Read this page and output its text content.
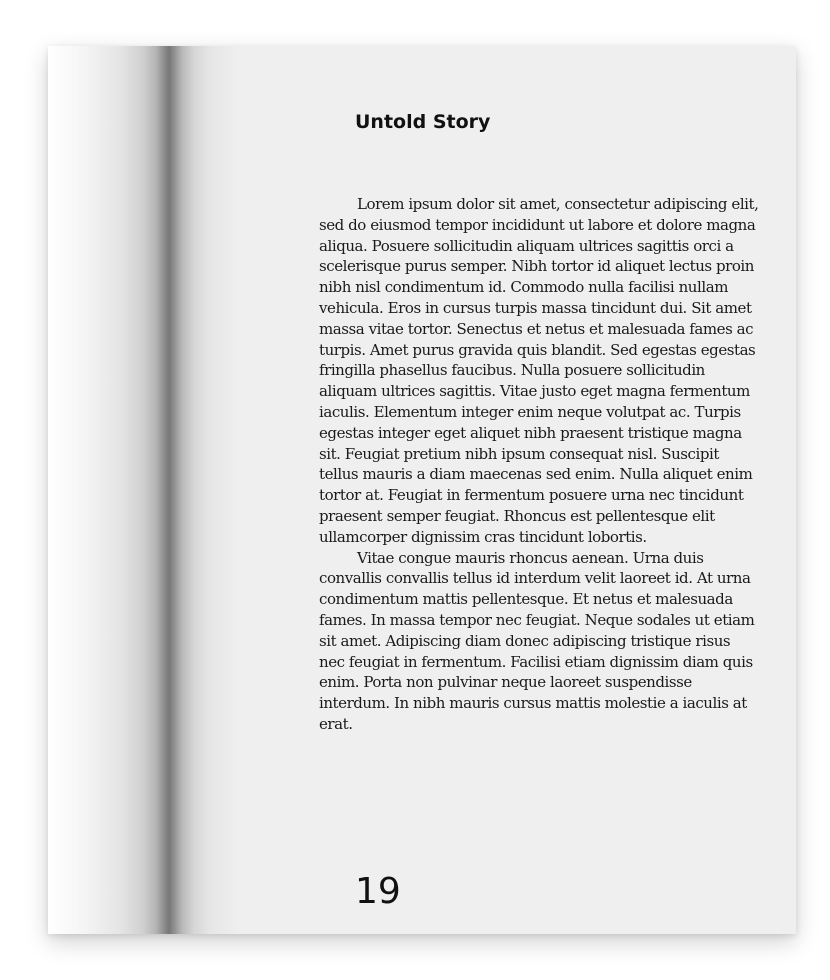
Untold Story

Lorem ipsum dolor sit amet, consectetur adipiscing elit, sed do eiusmod tempor incididunt ut labore et dolore magna aliqua. Posuere sollicitudin aliquam ultrices sagittis orci a scelerisque purus semper. Nibh tortor id aliquet lectus proin nibh nisl condimentum id. Commodo nulla facilisi nullam vehicula. Eros in cursus turpis massa tincidunt dui. Sit amet massa vitae tortor. Senectus et netus et malesuada fames ac turpis. Amet purus gravida quis blandit. Sed egestas egestas fringilla phasellus faucibus. Nulla posuere sollicitudin aliquam ultrices sagittis. Vitae justo eget magna fermentum iaculis. Elementum integer enim neque volutpat ac. Turpis egestas integer eget aliquet nibh praesent tristique magna sit. Feugiat pretium nibh ipsum consequat nisl. Suscipit tellus mauris a diam maecenas sed enim. Nulla aliquet enim tortor at. Feugiat in fermentum posuere urna nec tincidunt praesent semper feugiat. Rhoncus est pellentesque elit ullamcorper dignissim cras tincidunt lobortis.

Vitae congue mauris rhoncus aenean. Urna duis convallis convallis tellus id interdum velit laoreet id. At urna condimentum mattis pellentesque. Et netus et malesuada fames. In massa tempor nec feugiat. Neque sodales ut etiam sit amet. Adipiscing diam donec adipiscing tristique risus nec feugiat in fermentum. Facilisi etiam dignissim diam quis enim. Porta non pulvinar neque laoreet suspendisse interdum. In nibh mauris cursus mattis molestie a iaculis at erat.

19
